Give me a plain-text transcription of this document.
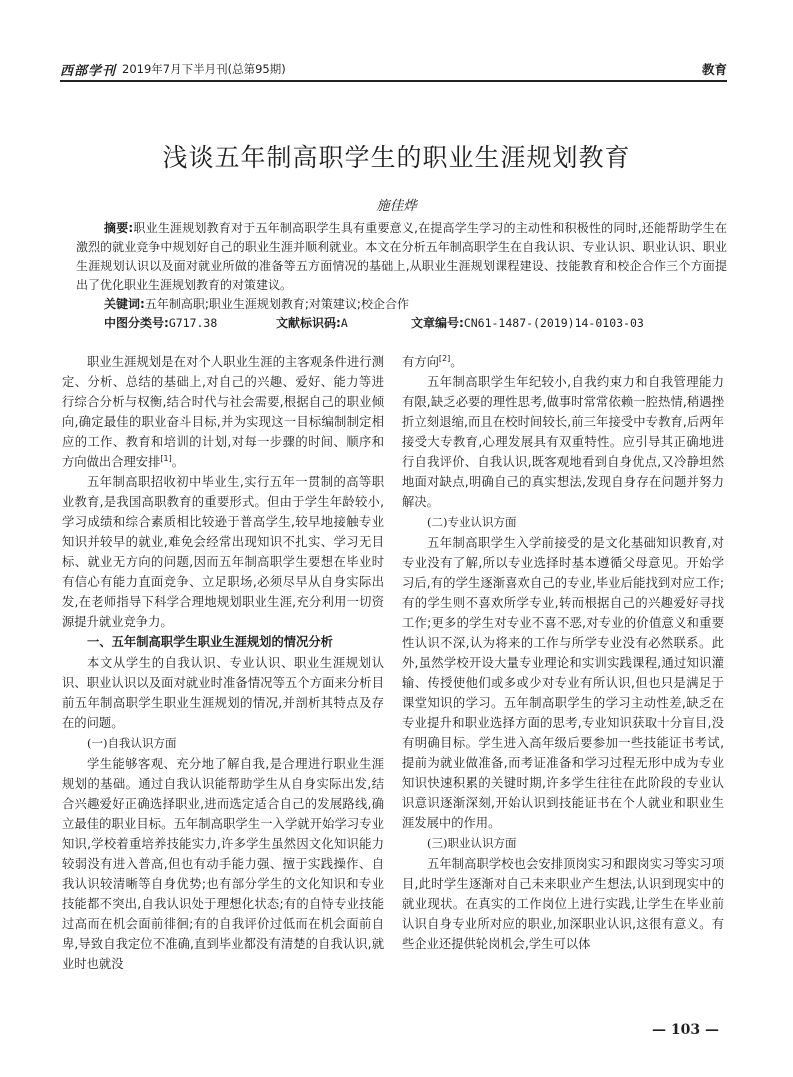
西部学刊 2019年7月下半月刊(总第95期)	教育
浅谈五年制高职学生的职业生涯规划教育
施佳烨

摘要:职业生涯规划教育对于五年制高职学生具有重要意义,在提高学生学习的主动性和积极性的同时,还能帮助学生在激烈的就业竞争中规划好自己的职业生涯并顺利就业。本文在分析五年制高职学生在自我认识、专业认识、职业认识、职业生涯规划认识以及面对就业所做的准备等五方面情况的基础上,从职业生涯规划课程建设、技能教育和校企合作三个方面提出了优化职业生涯规划教育的对策建议。

关键词:五年制高职;职业生涯规划教育;对策建议;校企合作

中图分类号:G717.38	文献标识码:A	文章编号:CN61-1487-(2019)14-0103-03

职业生涯规划是在对个人职业生涯的主客观条件进行测定、分析、总结的基础上,对自己的兴趣、爱好、能力等进行综合分析与权衡,结合时代与社会需要,根据自己的职业倾向,确定最佳的职业奋斗目标,并为实现这一目标编制制定相应的工作、教育和培训的计划,对每一步骤的时间、顺序和方向做出合理安排[1]。

五年制高职招收初中毕业生,实行五年一贯制的高等职业教育,是我国高职教育的重要形式。但由于学生年龄较小,学习成绩和综合素质相比较逊于普高学生,较早地接触专业知识并较早的就业,难免会经常出现知识不扎实、学习无目标、就业无方向的问题,因而五年制高职学生要想在毕业时有信心有能力直面竞争、立足职场,必须尽早从自身实际出发,在老师指导下科学合理地规划职业生涯,充分利用一切资源提升就业竞争力。

一、五年制高职学生职业生涯规划的情况分析

本文从学生的自我认识、专业认识、职业生涯规划认识、职业认识以及面对就业时准备情况等五个方面来分析目前五年制高职学生职业生涯规划的情况,并剖析其特点及存在的问题。

(一)自我认识方面

学生能够客观、充分地了解自我,是合理进行职业生涯规划的基础。通过自我认识能帮助学生从自身实际出发,结合兴趣爱好正确选择职业,进而选定适合自己的发展路线,确立最佳的职业目标。五年制高职学生一入学就开始学习专业知识,学校着重培养技能实力,许多学生虽然因文化知识能力较弱没有进入普高,但也有动手能力强、擅于实践操作、自我认识较清晰等自身优势;也有部分学生的文化知识和专业技能都不突出,自我认识处于理想化状态;有的自恃专业技能过高而在机会面前徘徊;有的自我评价过低而在机会面前自卑,导致自我定位不准确,直到毕业都没有清楚的自我认识,就业时也就没

有方向[2]。

五年制高职学生年纪较小,自我约束力和自我管理能力有限,缺乏必要的理性思考,做事时常常依赖一腔热情,稍遇挫折立刻退缩,而且在校时间较长,前三年接受中专教育,后两年接受大专教育,心理发展具有双重特性。应引导其正确地进行自我评价、自我认识,既客观地看到自身优点,又冷静坦然地面对缺点,明确自己的真实想法,发现自身存在问题并努力解决。

(二)专业认识方面

五年制高职学生入学前接受的是文化基础知识教育,对专业没有了解,所以专业选择时基本遵循父母意见。开始学习后,有的学生逐渐喜欢自己的专业,毕业后能找到对应工作;有的学生则不喜欢所学专业,转而根据自己的兴趣爱好寻找工作;更多的学生对专业不喜不恶,对专业的价值意义和重要性认识不深,认为将来的工作与所学专业没有必然联系。此外,虽然学校开设大量专业理论和实训实践课程,通过知识灌输、传授使他们或多或少对专业有所认识,但也只是满足于课堂知识的学习。五年制高职学生的学习主动性差,缺乏在专业提升和职业选择方面的思考,专业知识获取十分盲目,没有明确目标。学生进入高年级后要参加一些技能证书考试,提前为就业做准备,而考证准备和学习过程无形中成为专业知识快速积累的关键时期,许多学生往往在此阶段的专业认识意识逐渐深刻,开始认识到技能证书在个人就业和职业生涯发展中的作用。

(三)职业认识方面

五年制高职学校也会安排顶岗实习和跟岗实习等实习项目,此时学生逐渐对自己未来职业产生想法,认识到现实中的就业现状。在真实的工作岗位上进行实践,让学生在毕业前认识自身专业所对应的职业,加深职业认识,这很有意义。有些企业还提供轮岗机会,学生可以体

— 103 —
